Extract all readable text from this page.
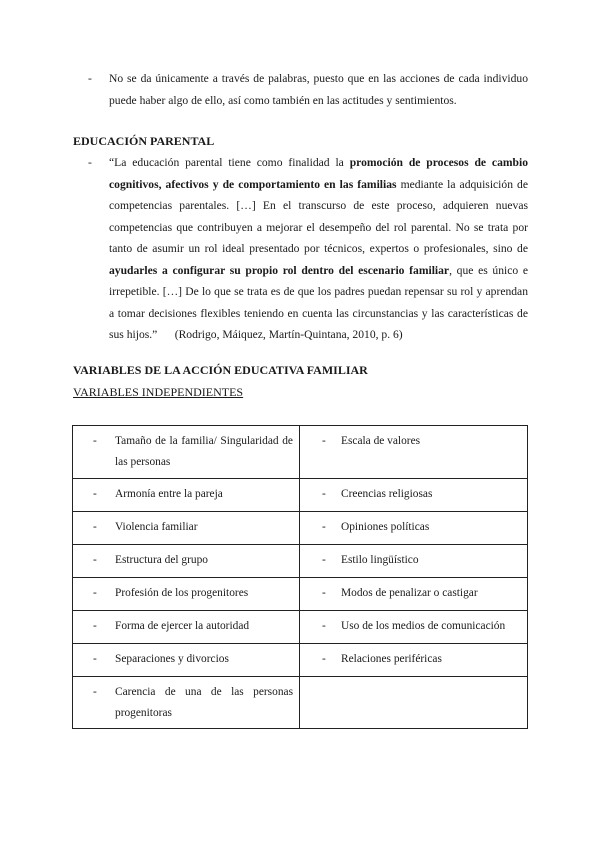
- No se da únicamente a través de palabras, puesto que en las acciones de cada individuo puede haber algo de ello, así como también en las actitudes y sentimientos.
EDUCACIÓN PARENTAL
- “La educación parental tiene como finalidad la promoción de procesos de cambio cognitivos, afectivos y de comportamiento en las familias mediante la adquisición de competencias parentales. […] En el transcurso de este proceso, adquieren nuevas competencias que contribuyen a mejorar el desempeño del rol parental. No se trata por tanto de asumir un rol ideal presentado por técnicos, expertos o profesionales, sino de ayudarles a configurar su propio rol dentro del escenario familiar, que es único e irrepetible. […] De lo que se trata es de que los padres puedan repensar su rol y aprendan a tomar decisiones flexibles teniendo en cuenta las circunstancias y las características de sus hijos.” (Rodrigo, Máiquez, Martín-Quintana, 2010, p. 6)
VARIABLES DE LA ACCIÓN EDUCATIVA FAMILIAR
VARIABLES INDEPENDIENTES
- Tamaño de la familia/ Singularidad de las personas	- Escala de valores

- Armonía entre la pareja	- Creencias religiosas

- Violencia familiar	- Opiniones políticas

- Estructura del grupo	- Estilo lingüístico

- Profesión de los progenitores	- Modos de penalizar o castigar

- Forma de ejercer la autoridad	- Uso de los medios de comunicación

- Separaciones y divorcios	- Relaciones periféricas

- Carencia de una de las personas progenitoras	
